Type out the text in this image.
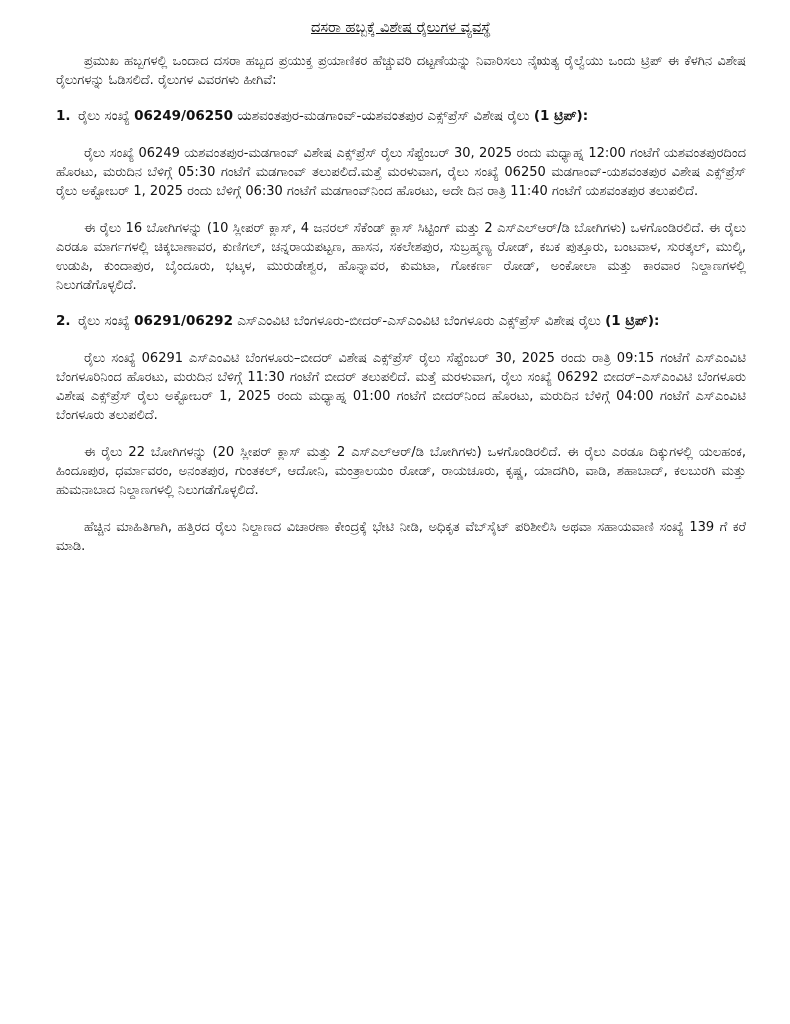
ದಸರಾ ಹಬ್ಬಕ್ಕೆ ವಿಶೇಷ ರೈಲುಗಳ ವ್ಯವಸ್ಥೆ

ಪ್ರಮುಖ ಹಬ್ಬಗಳಲ್ಲಿ ಒಂದಾದ ದಸರಾ ಹಬ್ಬದ ಪ್ರಯುಕ್ತ ಪ್ರಯಾಣಿಕರ ಹೆಚ್ಚುವರಿ ದಟ್ಟಣೆಯನ್ನು ನಿವಾರಿಸಲು ನೈಋತ್ಯ ರೈಲ್ವೆಯು ಒಂದು ಟ್ರಿಪ್ ಈ ಕೆಳಗಿನ ವಿಶೇಷ ರೈಲುಗಳನ್ನು ಓಡಿಸಲಿದೆ. ರೈಲುಗಳ ವಿವರಗಳು ಹೀಗಿವೆ:

1. ರೈಲು ಸಂಖ್ಯೆ 06249/06250 ಯಶವಂತಪುರ-ಮಡಗಾಂವ್-ಯಶವಂತಪುರ ಎಕ್ಸ್‌ಪ್ರೆಸ್ ವಿಶೇಷ ರೈಲು (1 ಟ್ರಿಪ್):

ರೈಲು ಸಂಖ್ಯೆ 06249 ಯಶವಂತಪುರ-ಮಡಗಾಂವ್ ವಿಶೇಷ ಎಕ್ಸ್‌ಪ್ರೆಸ್ ರೈಲು ಸೆಪ್ಟೆಂಬರ್ 30, 2025 ರಂದು ಮಧ್ಯಾಹ್ನ 12:00 ಗಂಟೆಗೆ ಯಶವಂತಪುರದಿಂದ ಹೊರಟು, ಮರುದಿನ ಬೆಳಿಗ್ಗೆ 05:30 ಗಂಟೆಗೆ ಮಡಗಾಂವ್ ತಲುಪಲಿದೆ.ಮತ್ತೆ ಮರಳುವಾಗ, ರೈಲು ಸಂಖ್ಯೆ 06250 ಮಡಗಾಂವ್-ಯಶವಂತಪುರ ವಿಶೇಷ ಎಕ್ಸ್‌ಪ್ರೆಸ್ ರೈಲು ಅಕ್ಟೋಬರ್ 1, 2025 ರಂದು ಬೆಳಿಗ್ಗೆ 06:30 ಗಂಟೆಗೆ ಮಡಗಾಂವ್‌ನಿಂದ ಹೊರಟು, ಅದೇ ದಿನ ರಾತ್ರಿ 11:40 ಗಂಟೆಗೆ ಯಶವಂತಪುರ ತಲುಪಲಿದೆ.

ಈ ರೈಲು 16 ಬೋಗಿಗಳನ್ನು (10 ಸ್ಲೀಪರ್ ಕ್ಲಾಸ್, 4 ಜನರಲ್ ಸೆಕೆಂಡ್ ಕ್ಲಾಸ್ ಸಿಟ್ಟಿಂಗ್ ಮತ್ತು 2 ಎಸ್‌ಎಲ್‌ಆರ್/ಡಿ ಬೋಗಿಗಳು) ಒಳಗೊಂಡಿರಲಿದೆ. ಈ ರೈಲು ಎರಡೂ ಮಾರ್ಗಗಳಲ್ಲಿ ಚಿಕ್ಕಬಾಣಾವರ, ಕುಣಿಗಲ್, ಚನ್ನರಾಯಪಟ್ಟಣ, ಹಾಸನ, ಸಕಲೇಶಪುರ, ಸುಬ್ರಹ್ಮಣ್ಯ ರೋಡ್, ಕಬಕ ಪುತ್ತೂರು, ಬಂಟವಾಳ, ಸುರತ್ಕಲ್, ಮುಲ್ಕಿ, ಉಡುಪಿ, ಕುಂದಾಪುರ, ಬೈಂದೂರು, ಭಟ್ಕಳ, ಮುರುಡೇಶ್ವರ, ಹೊನ್ನಾವರ, ಕುಮಟಾ, ಗೋಕರ್ಣ ರೋಡ್, ಅಂಕೋಲಾ ಮತ್ತು ಕಾರವಾರ ನಿಲ್ದಾಣಗಳಲ್ಲಿ ನಿಲುಗಡೆಗೊಳ್ಳಲಿದೆ.

2. ರೈಲು ಸಂಖ್ಯೆ 06291/06292 ಎಸ್‌ಎಂವಿಟಿ ಬೆಂಗಳೂರು-ಬೀದರ್-ಎಸ್‌ಎಂವಿಟಿ ಬೆಂಗಳೂರು ಎಕ್ಸ್‌ಪ್ರೆಸ್ ವಿಶೇಷ ರೈಲು (1 ಟ್ರಿಪ್):

ರೈಲು ಸಂಖ್ಯೆ 06291 ಎಸ್‌ಎಂವಿಟಿ ಬೆಂಗಳೂರು–ಬೀದರ್ ವಿಶೇಷ ಎಕ್ಸ್‌ಪ್ರೆಸ್ ರೈಲು ಸೆಪ್ಟೆಂಬರ್ 30, 2025 ರಂದು ರಾತ್ರಿ 09:15 ಗಂಟೆಗೆ ಎಸ್‌ಎಂವಿಟಿ ಬೆಂಗಳೂರಿನಿಂದ ಹೊರಟು, ಮರುದಿನ ಬೆಳಿಗ್ಗೆ 11:30 ಗಂಟೆಗೆ ಬೀದರ್ ತಲುಪಲಿದೆ. ಮತ್ತೆ ಮರಳುವಾಗ, ರೈಲು ಸಂಖ್ಯೆ 06292 ಬೀದರ್–ಎಸ್‌ಎಂವಿಟಿ ಬೆಂಗಳೂರು ವಿಶೇಷ ಎಕ್ಸ್‌ಪ್ರೆಸ್ ರೈಲು ಅಕ್ಟೋಬರ್ 1, 2025 ರಂದು ಮಧ್ಯಾಹ್ನ 01:00 ಗಂಟೆಗೆ ಬೀದರ್‌ನಿಂದ ಹೊರಟು, ಮರುದಿನ ಬೆಳಿಗ್ಗೆ 04:00 ಗಂಟೆಗೆ ಎಸ್‌ಎಂವಿಟಿ ಬೆಂಗಳೂರು ತಲುಪಲಿದೆ.

ಈ ರೈಲು 22 ಬೋಗಿಗಳನ್ನು (20 ಸ್ಲೀಪರ್ ಕ್ಲಾಸ್ ಮತ್ತು 2 ಎಸ್‌ಎಲ್‌ಆರ್/ಡಿ ಬೋಗಿಗಳು) ಒಳಗೊಂಡಿರಲಿದೆ. ಈ ರೈಲು ಎರಡೂ ದಿಕ್ಕುಗಳಲ್ಲಿ ಯಲಹಂಕ, ಹಿಂದೂಪುರ, ಧರ್ಮಾವರಂ, ಅನಂತಪುರ, ಗುಂತಕಲ್, ಆದೋನಿ, ಮಂತ್ರಾಲಯಂ ರೋಡ್, ರಾಯಚೂರು, ಕೃಷ್ಣ, ಯಾದಗಿರಿ, ವಾಡಿ, ಶಹಾಬಾದ್, ಕಲಬುರಗಿ ಮತ್ತು ಹುಮನಾಬಾದ ನಿಲ್ದಾಣಗಳಲ್ಲಿ ನಿಲುಗಡೆಗೊಳ್ಳಲಿದೆ.

ಹೆಚ್ಚಿನ ಮಾಹಿತಿಗಾಗಿ, ಹತ್ತಿರದ ರೈಲು ನಿಲ್ದಾಣದ ವಿಚಾರಣಾ ಕೇಂದ್ರಕ್ಕೆ ಭೇಟಿ ನೀಡಿ, ಅಧಿಕೃತ ವೆಬ್‌ಸೈಟ್ ಪರಿಶೀಲಿಸಿ ಅಥವಾ ಸಹಾಯವಾಣಿ ಸಂಖ್ಯೆ 139 ಗೆ ಕರೆ ಮಾಡಿ.
